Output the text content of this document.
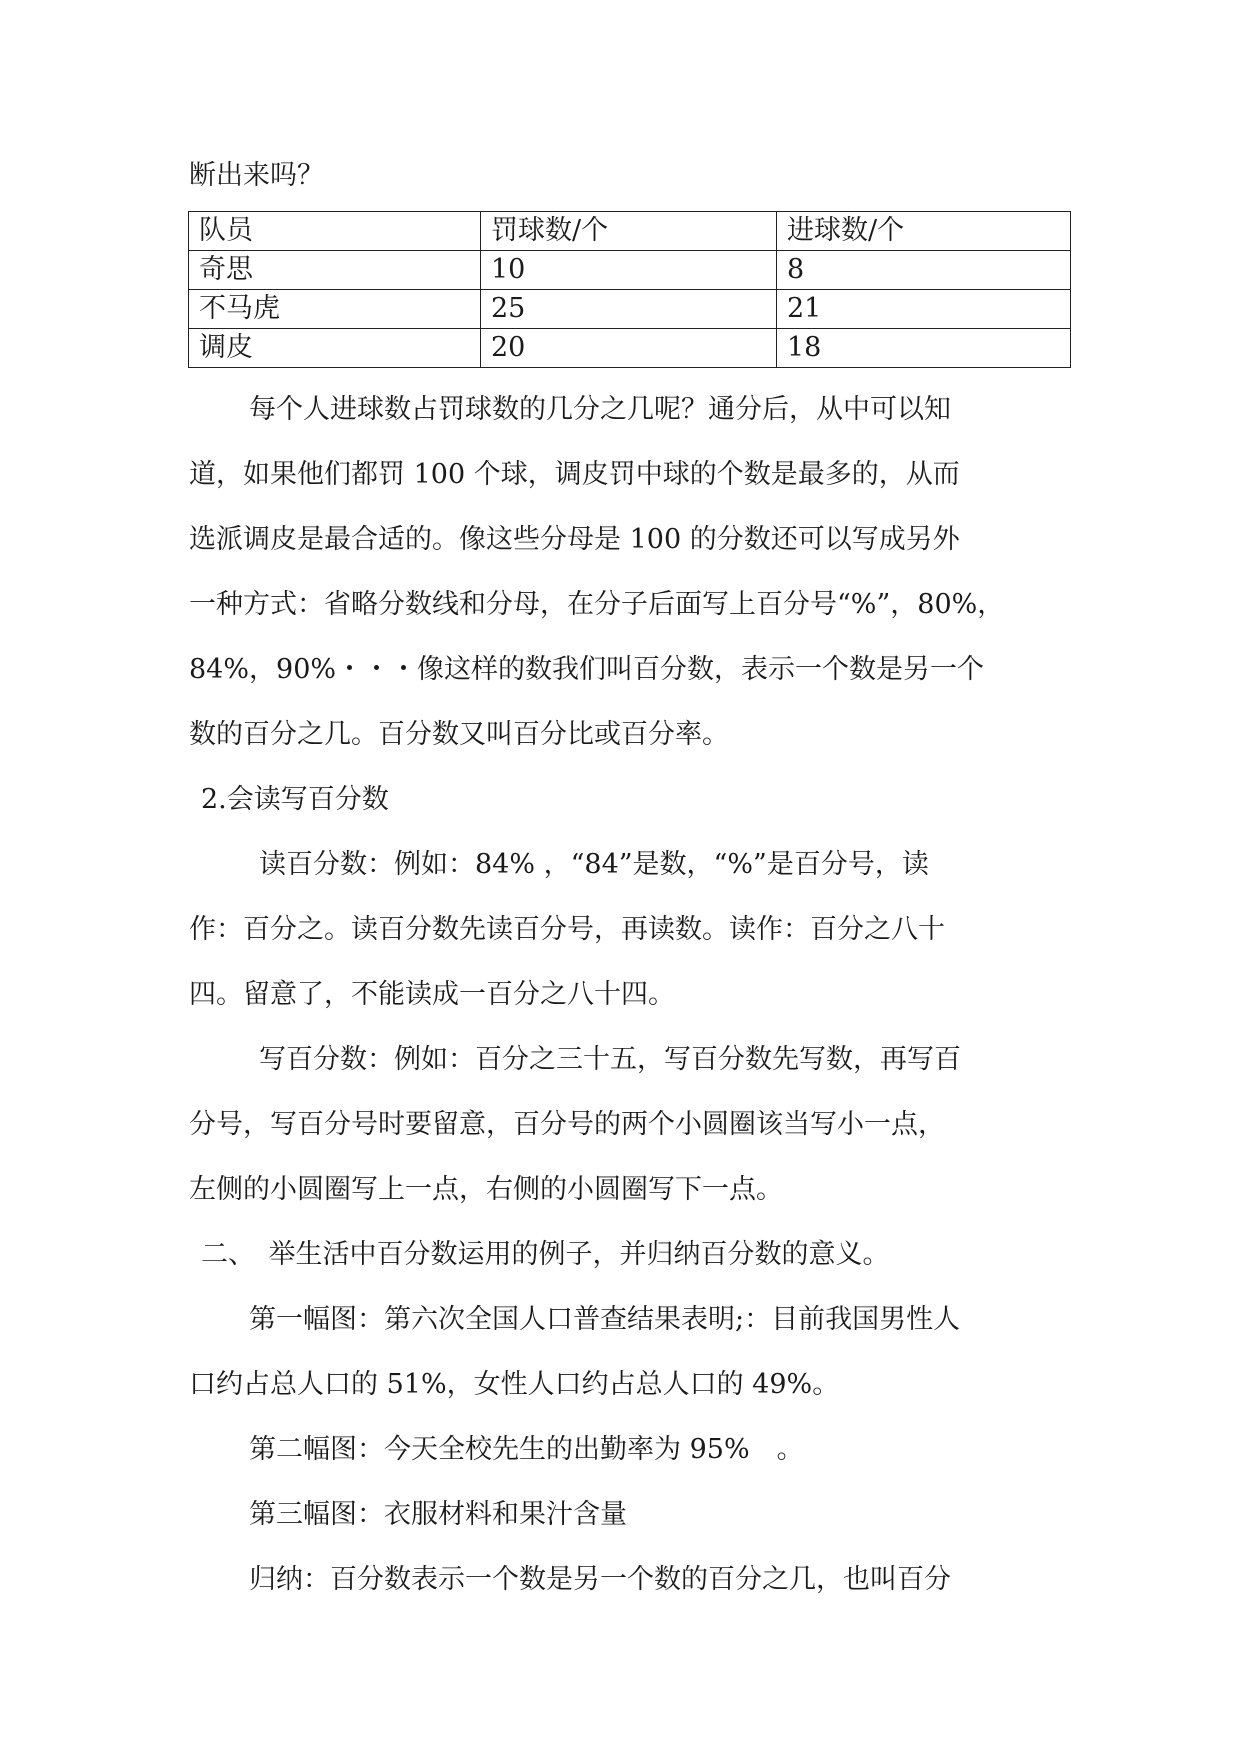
断出来吗？

队员	罚球数/个	进球数/个
奇思	10	8
不马虎	25	21
调皮	20	18

每个人进球数占罚球数的几分之几呢？通分后，从中可以知

道，如果他们都罚 100 个球，调皮罚中球的个数是最多的，从而

选派调皮是最合适的。像这些分母是 100 的分数还可以写成另外

一种方式：省略分数线和分母，在分子后面写上百分号“%”，80%，

84%，90%・・・像这样的数我们叫百分数，表示一个数是另一个

数的百分之几。百分数又叫百分比或百分率。

2.会读写百分数

读百分数：例如：84% ，“84”是数，“%”是百分号，读

作：百分之。读百分数先读百分号，再读数。读作：百分之八十

四。留意了，不能读成一百分之八十四。

写百分数：例如：百分之三十五，写百分数先写数，再写百

分号，写百分号时要留意，百分号的两个小圆圈该当写小一点，

左侧的小圆圈写上一点，右侧的小圆圈写下一点。

二、　举生活中百分数运用的例子，并归纳百分数的意义。

第一幅图：第六次全国人口普查结果表明;：目前我国男性人

口约占总人口的 51%，女性人口约占总人口的 49%。

第二幅图：今天全校先生的出勤率为 95%　。

第三幅图：衣服材料和果汁含量

归纳：百分数表示一个数是另一个数的百分之几，也叫百分
